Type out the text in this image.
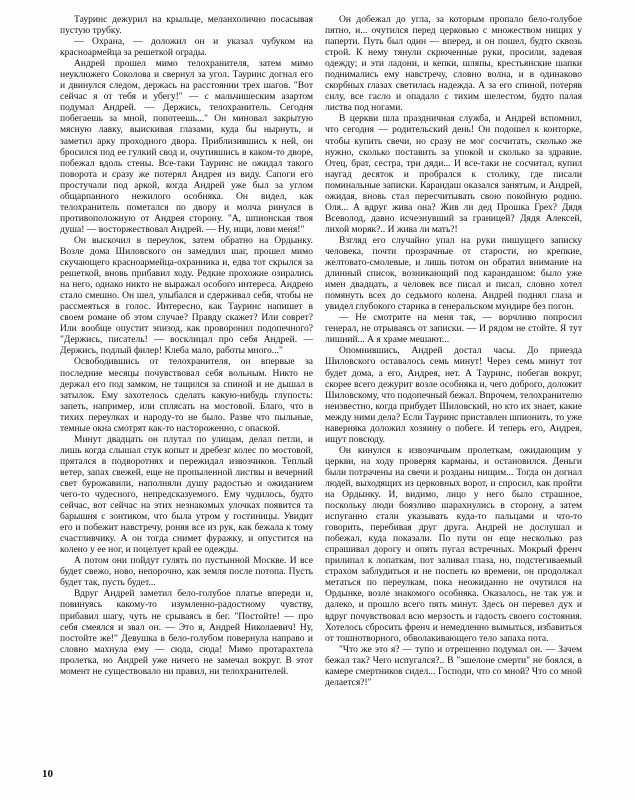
Тауринс дежурил на крыльце, меланхолично посасывая пустую трубку.

— Охрана, — доложил он и указал чубуком на красноармейца за решеткой ограды.

Андрей прошел мимо телохранителя, затем мимо неуклюжего Соколова и свернул за угол. Тауринс догнал его и двинулся следом, держась на расстоянии трех шагов. "Вот сейчас я от тебя и убегу!" — с мальчишеским азартом подумал Андрей. — Держись, телохранитель. Сегодня побегаешь за мной, попотеешь..." Он миновал закрытую мясную лавку, выискивая глазами, куда бы нырнуть, и заметил арку проходного двора. Приблизившись к ней, он бросился под ее гулкий свод и, очутившись в каком-то дворе, побежал вдоль стены. Все-таки Тауринс не ожидал такого поворота и сразу же потерял Андрея из виду. Сапоги его простучали под аркой, когда Андрей уже был за углом общарпанного нежилого особняка. Он видел, как телохранитель пометался по двору и молча ринулся в противоположную от Андрея сторону. "А, шпионская твоя душа! — восторжествовал Андрей. — Ну, ищи, лови меня!"

Он выскочил в переулок, затем обратно на Ордынку. Возле дома Шиловского он замедлил шаг, прошел мимо скучающего красноармейца-охранника и, едва тот скрылся за решеткой, вновь прибавил ходу. Редкие прохожие озирались на него, однако никто не выражал особого интереса. Андрею стало смешно. Он шел, улыбался и сдерживал себя, чтобы не рассмеяться в голос. Интересно, как Тауринс напишет в своем романе об этом случае? Правду скажет? Или соврет? Или вообще опустит эпизод, как проворонил подопечного? "Держись, писатель! — восклицал про себя Андрей. — Держись, подлый филер! Клеба мало, работы много..."

Освободившись от телохранителя, он впервые за последние месяцы почувствовал себя вольным. Никто не держал его под замком, не тащился за спиной и не дышал в затылок. Ему захотелось сделать какую-нибудь глупость: запеть, например, или сплясать на мостовой. Благо, что в тихих переулках и народу-то не было. Разве что пыльные, темные окна смотрят как-то настороженно, с опаской.

Минут двадцать он плутал по улицам, делал петли, и лишь когда слышал стук копыт и дребезг колес по мостовой, прятался в подворотнях и пережидал извозчиков. Теплый ветер, запах свежей, еще не пропыленной листвы и вечерний свет бурожавили, наполняли душу радостью и ожиданием чего-то чудесного, непредсказуемого. Ему чудилось, будто сейчас, вот сейчас на этих незнакомых улочках появится та барышня с зонтиком, что была утром у гостиницы. Увидит его и побежит навстречу, роняя все из рук, как бежала к тому счастливчику. А он тогда снимет фуражку, и опустится на колено у ее ног, и поцелует край ее одежды.

А потом они пойдут гулять по пустынной Москве. И все будет свежо, ново, непорочно, как земля после потопа. Пусть будет так, пусть будет...

Вдруг Андрей заметил бело-голубое платье впереди и, повинуясь какому-то изумленно-радостному чувству, прибавил шагу, чуть не срываясь в бег. "Постойте! — про себя смеялся и звал он. — Это я, Андрей Николаевич! Ну, постойте же!" Девушка в бело-голубом повернула направо и словно махнула ему — сюда, сюда! Мимо протарахтела пролетка, но Андрей уже ничего не замечал вокруг. В этот момент не существовало ни правил, ни телохранителей.

Он добежал до угла, за которым пропало бело-голубое пятно, и... очутился перед церковью с множеством нищих у паперти. Путь был один — вперед, и он пошел, будто сквозь строй. К нему тянули скрюченные руки, просили, задевая одежду; и эти ладони, и кепки, шляпы, крестьянские шапки поднимались ему навстречу, словно волна, и в одинаково скорбных глазах светилась надежда. А за его спиной, потеряв силу, все гасло и опадало с тихим шелестом, будто палая листва под ногами.

В церкви шла праздничная служба, и Андрей вспомнил, что сегодня — родительский день! Он подошел к конторке, чтобы купить свечи, но сразу не мог сосчитать, сколько же нужно, сколько поставить за упокой и сколько за здравие. Отец, брат, сестра, три дяди... И все-таки не сосчитал, купил наугад десяток и пробрался к столику, где писали поминальные записки. Карандаш оказался занятым, и Андрей, ожидая, вновь стал пересчитывать свою покойную родню. Оля... А вдруг жива она? Жив ли дед Прошка Грех? Дядя Всеволод, давно исчезнувший за границей? Дядя Алексей, лихой моряк?.. И жива ли мать?!

Взгляд его случайно упал на руки пишущего записку человека, почти прозрачные от старости, но крепкие, желтовато-смолевые, и лишь потом он обратил внимание на длинный список, возникающий под карандашом: было уже имен двадцать, а человек все писал и писал, словно хотел помянуть всех до седьмого колена. Андрей поднял глаза и увидел глубокого старика в генеральском мундире без погон.

— Не смотрите на меня так, — ворчливо попросил генерал, не отрываясь от записки. — И рядом не стойте. Я тут лишний... А я храме мешают...

Опомнившись, Андрей достал часы. До приезда Шиловского оставалось семь минут! Через семь минут тот будет дома, а его, Андрея, нет. А Тауринс, побегав вокруг, скорее всего дежурит возле особняка и, чего доброго, доложит Шиловскому, что подопечный бежал. Впрочем, телохранителю неизвестно, когда прибудет Шиловский, но кто их знает, какие между ними дела? Если Тауринс приставлен шпионить, то уже наверняка доложил хозяину о побеге. И теперь его, Андрея, ищут повсюду.

Он кинулся к извозчичьим пролеткам, ожидающим у церкви, на ходу проверяя карманы, и остановился. Деньги были потрачены на свечи и розданы нищим... Тогда он догнал людей, выходящих из церковных ворот, и спросил, как пройти на Ордынку. И, видимо, лицо у него было страшное, поскольку люди боязливо шарахнулись в сторону, а затем испуганно стали указывать куда-то пальцами и что-то говорить, перебивая друг друга. Андрей не дослушал и побежал, куда показали. По пути он еще несколько раз спрашивал дорогу и опять пугал встречных. Мокрый френч прилипал к лопаткам, пот заливал глаза, но, подстегиваемый страхом заблудиться и не поспеть ко времени, он продолжал метаться по переулкам, пока неожиданно не очутился на Ордынке, возле знакомого особняка. Оказалось, не так уж и далеко, и прошло всего пять минут. Здесь он перевел дух и вдруг почувствовал всю мерзость и гадость своего состояния. Хотелось сбросить френч и немедленно вымыться, избавиться от тошнотворного, обволакивающего тело запаха пота.

"Что же это я? — тупо и отрешенно подумал он. — Зачем бежал так? Чего испугался?.. В "эшелоне смерти" не боялся, в камере смертников сидел... Господи, что со мной? Что со мной делается?!"

10
